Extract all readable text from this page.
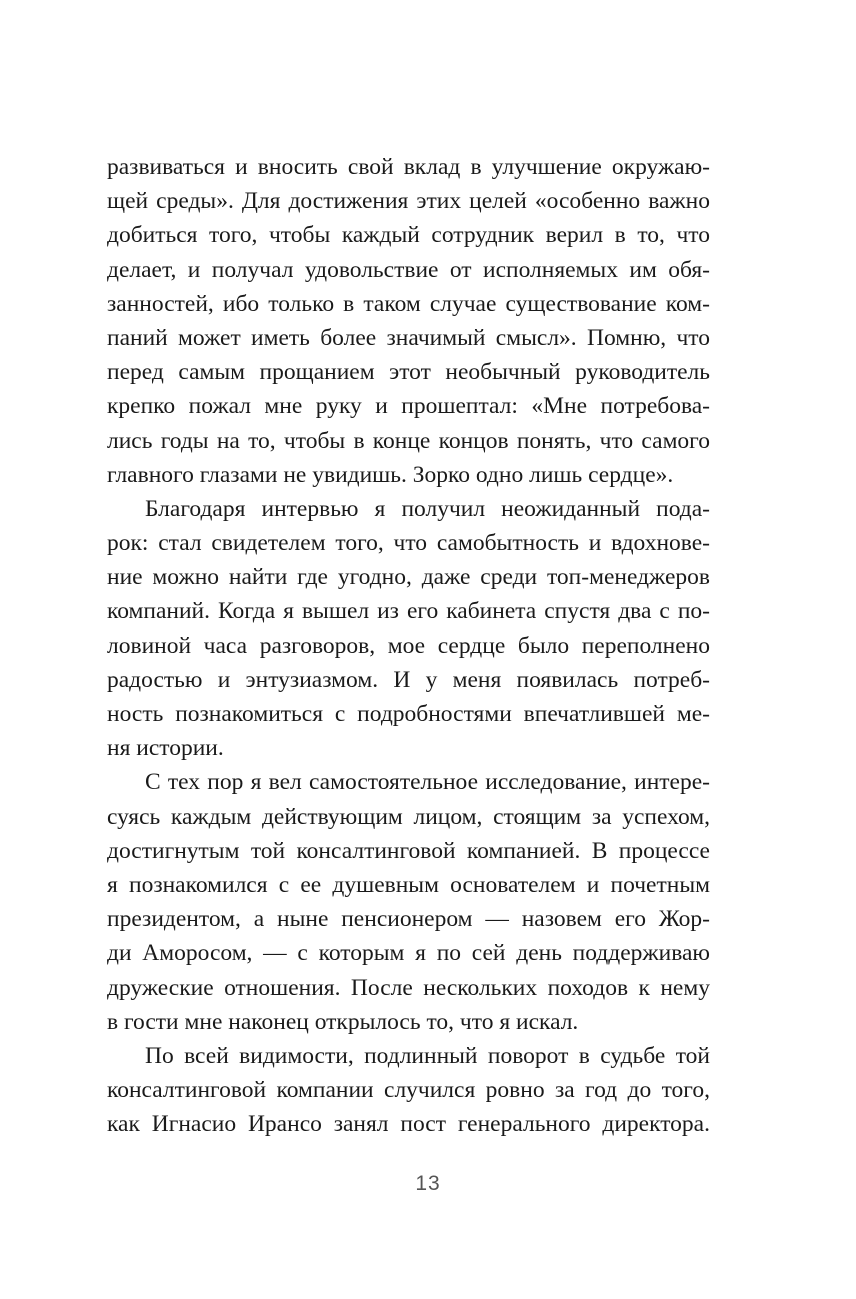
развиваться и вносить свой вклад в улучшение окружаю-
щей среды». Для достижения этих целей «особенно важно
добиться того, чтобы каждый сотрудник верил в то, что
делает, и получал удовольствие от исполняемых им обя-
занностей, ибо только в таком случае существование ком-
паний может иметь более значимый смысл». Помню, что
перед самым прощанием этот необычный руководитель
крепко пожал мне руку и прошептал: «Мне потребова-
лись годы на то, чтобы в конце концов понять, что самого
главного глазами не увидишь. Зорко одно лишь сердце».
Благодаря интервью я получил неожиданный пода-
рок: стал свидетелем того, что самобытность и вдохнове-
ние можно найти где угодно, даже среди топ-менеджеров
компаний. Когда я вышел из его кабинета спустя два с по-
ловиной часа разговоров, мое сердце было переполнено
радостью и энтузиазмом. И у меня появилась потреб-
ность познакомиться с подробностями впечатлившей ме-
ня истории.
С тех пор я вел самостоятельное исследование, интере-
суясь каждым действующим лицом, стоящим за успехом,
достигнутым той консалтинговой компанией. В процессе
я познакомился с ее душевным основателем и почетным
президентом, а ныне пенсионером — назовем его Жор-
ди Аморосом, — с которым я по сей день поддерживаю
дружеские отношения. После нескольких походов к нему
в гости мне наконец открылось то, что я искал.
По всей видимости, подлинный поворот в судьбе той
консалтинговой компании случился ровно за год до того,
как Игнасио Ирансо занял пост генерального директора.
13
